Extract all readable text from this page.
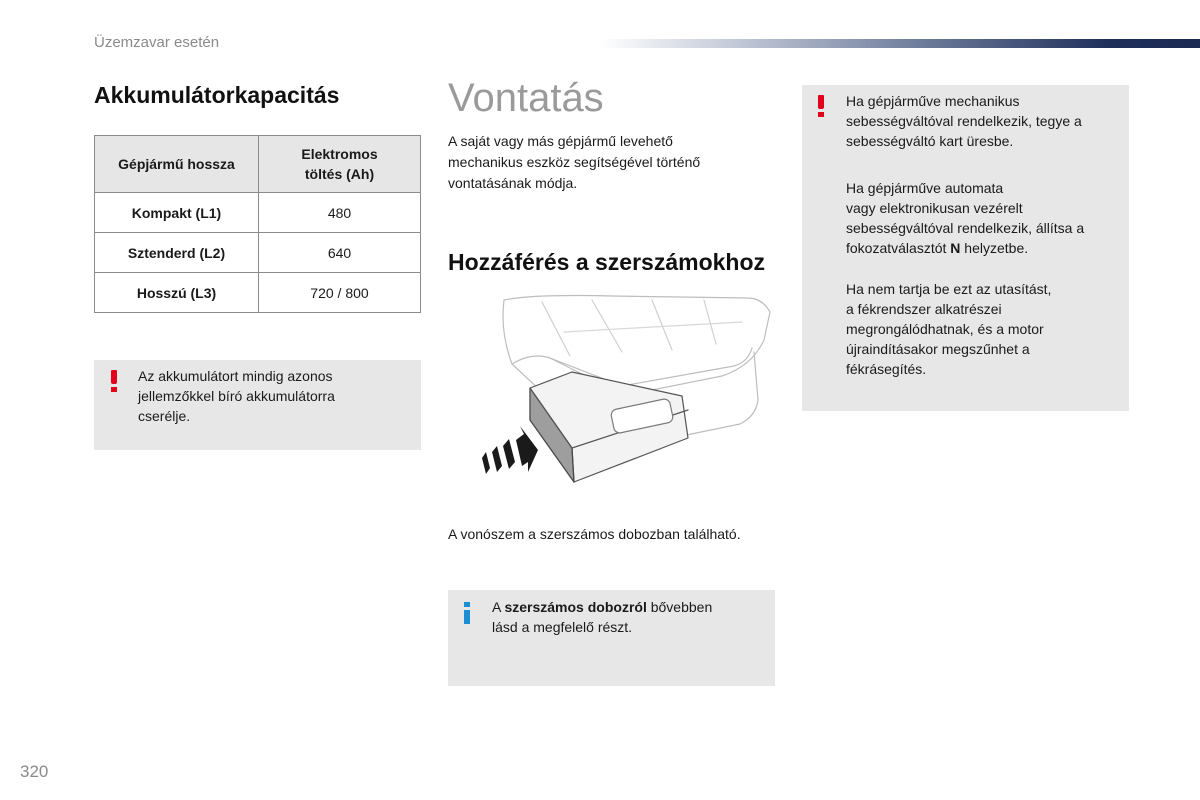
Üzemzavar esetén
Akkumulátorkapacitás
Gépjármű hossza	Elektromos
töltés (Ah)
Kompakt (L1)	480
Sztenderd (L2)	640
Hosszú (L3)	720 / 800
Az akkumulátort mindig azonos
jellemzőkkel bíró akkumulátorra
cserélje.
Vontatás
A saját vagy más gépjármű levehető
mechanikus eszköz segítségével történő
vontatásának módja.
Hozzáférés a szerszámokhoz
A vonószem a szerszámos dobozban található.
A szerszámos dobozról bővebben
lásd a megfelelő részt.
Ha gépjárműve mechanikus
sebességváltóval rendelkezik, tegye a
sebességváltó kart üresbe.
Ha gépjárműve automata
vagy elektronikusan vezérelt
sebességváltóval rendelkezik, állítsa a
fokozatválasztót N helyzetbe.
Ha nem tartja be ezt az utasítást,
a fékrendszer alkatrészei
megrongálódhatnak, és a motor
újraindításakor megszűnhet a
fékrásegítés.
320
